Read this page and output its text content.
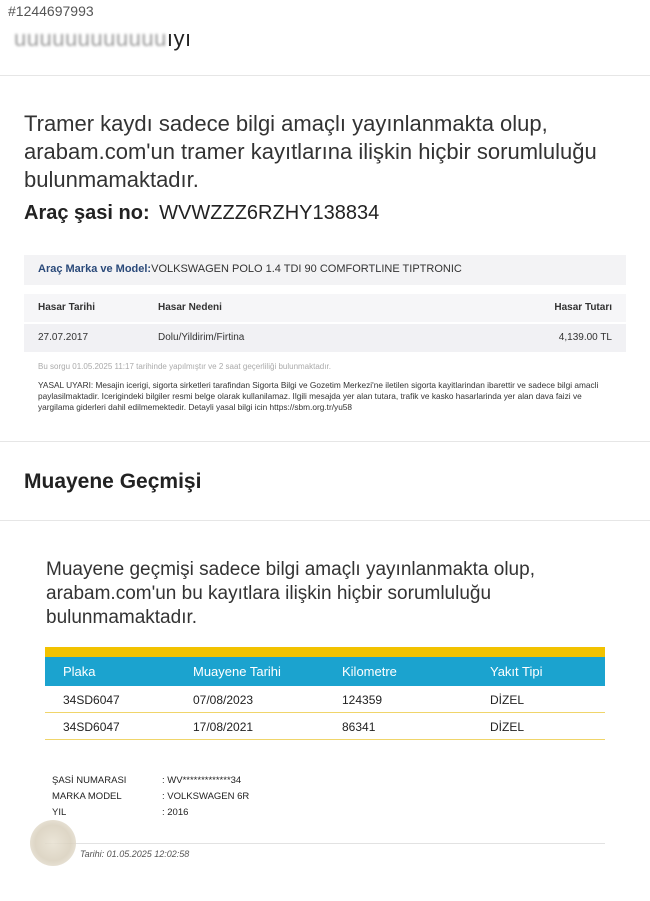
#1244697993
uuuuuuuuuuuuıyı
Tramer kaydı sadece bilgi amaçlı yayınlanmakta olup, arabam.com'un tramer kayıtlarına ilişkin hiçbir sorumluluğu bulunmamaktadır.
Araç şasi no: WVWZZZ6RZHY138834
Araç Marka ve Model:VOLKSWAGEN POLO 1.4 TDI 90 COMFORTLINE TIPTRONIC
Hasar Tarihi	Hasar Nedeni	Hasar Tutarı
27.07.2017	Dolu/Yildirim/Firtina	4,139.00 TL
Bu sorgu 01.05.2025 11:17 tarihinde yapılmıştır ve 2 saat geçerliliği bulunmaktadır.
YASAL UYARI: Mesajin icerigi, sigorta sirketleri tarafindan Sigorta Bilgi ve Gozetim Merkezi'ne iletilen sigorta kayitlarindan ibarettir ve sadece bilgi amacli paylasilmaktadir. Icerigindeki bilgiler resmi belge olarak kullanilamaz. Ilgili mesajda yer alan tutara, trafik ve kasko hasarlarinda yer alan dava faizi ve yargilama giderleri dahil edilmemektedir. Detayli yasal bilgi icin https://sbm.org.tr/yu58
Muayene Geçmişi
Muayene geçmişi sadece bilgi amaçlı yayınlanmakta olup, arabam.com'un bu kayıtlara ilişkin hiçbir sorumluluğu bulunmamaktadır.
Plaka	Muayene Tarihi	Kilometre	Yakıt Tipi
34SD6047	07/08/2023	124359	DİZEL
34SD6047	17/08/2021	86341	DİZEL
ŞASİ NUMARASI	: WV*************34
MARKA MODEL	: VOLKSWAGEN 6R
YIL	: 2016
Tarihi: 01.05.2025 12:02:58
